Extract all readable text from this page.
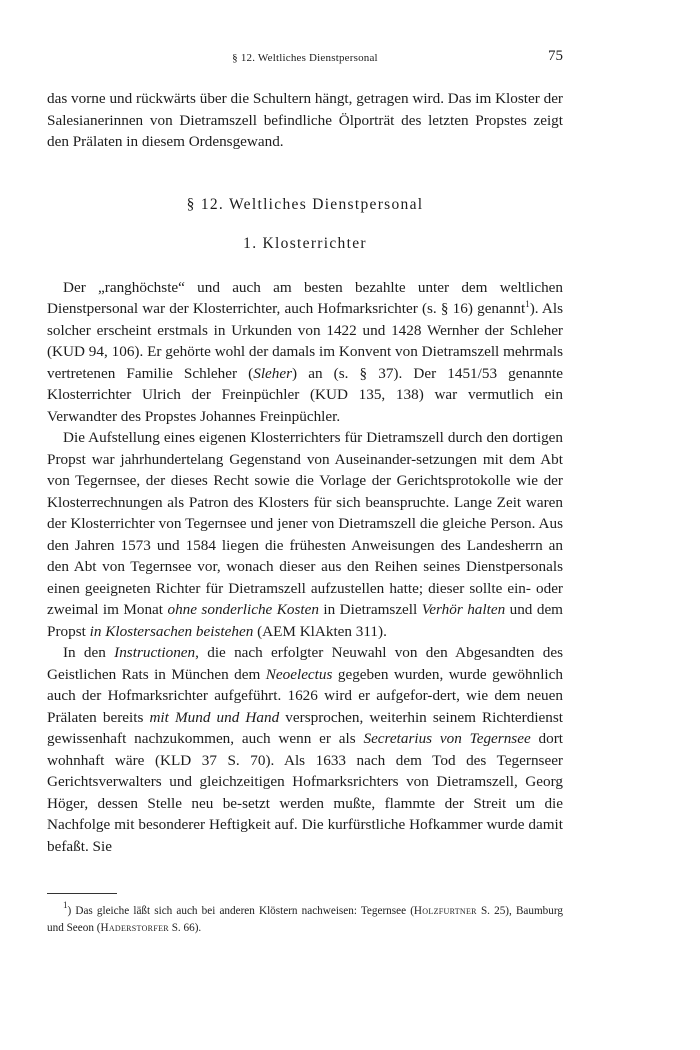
§ 12. Weltliches Dienstpersonal	75

das vorne und rückwärts über die Schultern hängt, getragen wird. Das im Kloster der Salesianerinnen von Dietramszell befindliche Ölporträt des letzten Propstes zeigt den Prälaten in diesem Ordensgewand.

§ 12. Weltliches Dienstpersonal
1. Klosterrichter

Der „ranghöchste“ und auch am besten bezahlte unter dem weltlichen Dienstpersonal war der Klosterrichter, auch Hofmarksrichter (s. § 16) genannt$^1$). Als solcher erscheint erstmals in Urkunden von 1422 und 1428 Wernher der Schleher (KUD 94, 106). Er gehörte wohl der damals im Konvent von Dietramszell mehrmals vertretenen Familie Schleher (Sleher) an (s. § 37). Der 1451/53 genannte Klosterrichter Ulrich der Freinpüchler (KUD 135, 138) war vermutlich ein Verwandter des Propstes Johannes Freinpüchler.

Die Aufstellung eines eigenen Klosterrichters für Dietramszell durch den dortigen Propst war jahrhundertelang Gegenstand von Auseinander-setzungen mit dem Abt von Tegernsee, der dieses Recht sowie die Vorlage der Gerichtsprotokolle wie der Klosterrechnungen als Patron des Klosters für sich beanspruchte. Lange Zeit waren der Klosterrichter von Tegernsee und jener von Dietramszell die gleiche Person. Aus den Jahren 1573 und 1584 liegen die frühesten Anweisungen des Landesherrn an den Abt von Tegernsee vor, wonach dieser aus den Reihen seines Dienstpersonals einen geeigneten Richter für Dietramszell aufzustellen hatte; dieser sollte ein- oder zweimal im Monat ohne sonderliche Kosten in Dietramszell Verhör halten und dem Propst in Klostersachen beistehen (AEM KlAkten 311).

In den Instructionen, die nach erfolgter Neuwahl von den Abgesandten des Geistlichen Rats in München dem Neoelectus gegeben wurden, wurde gewöhnlich auch der Hofmarksrichter aufgeführt. 1626 wird er aufgefor-dert, wie dem neuen Prälaten bereits mit Mund und Hand versprochen, weiterhin seinem Richterdienst gewissenhaft nachzukommen, auch wenn er als Secretarius von Tegernsee dort wohnhaft wäre (KLD 37 S. 70). Als 1633 nach dem Tod des Tegernseer Gerichtsverwalters und gleichzeitigen Hofmarksrichters von Dietramszell, Georg Höger, dessen Stelle neu be-setzt werden mußte, flammte der Streit um die Nachfolge mit besonderer Heftigkeit auf. Die kurfürstliche Hofkammer wurde damit befaßt. Sie

$^1$) Das gleiche läßt sich auch bei anderen Klöstern nachweisen: Tegernsee (Holzfurtner S. 25), Baumburg und Seeon (Haderstorfer S. 66).
